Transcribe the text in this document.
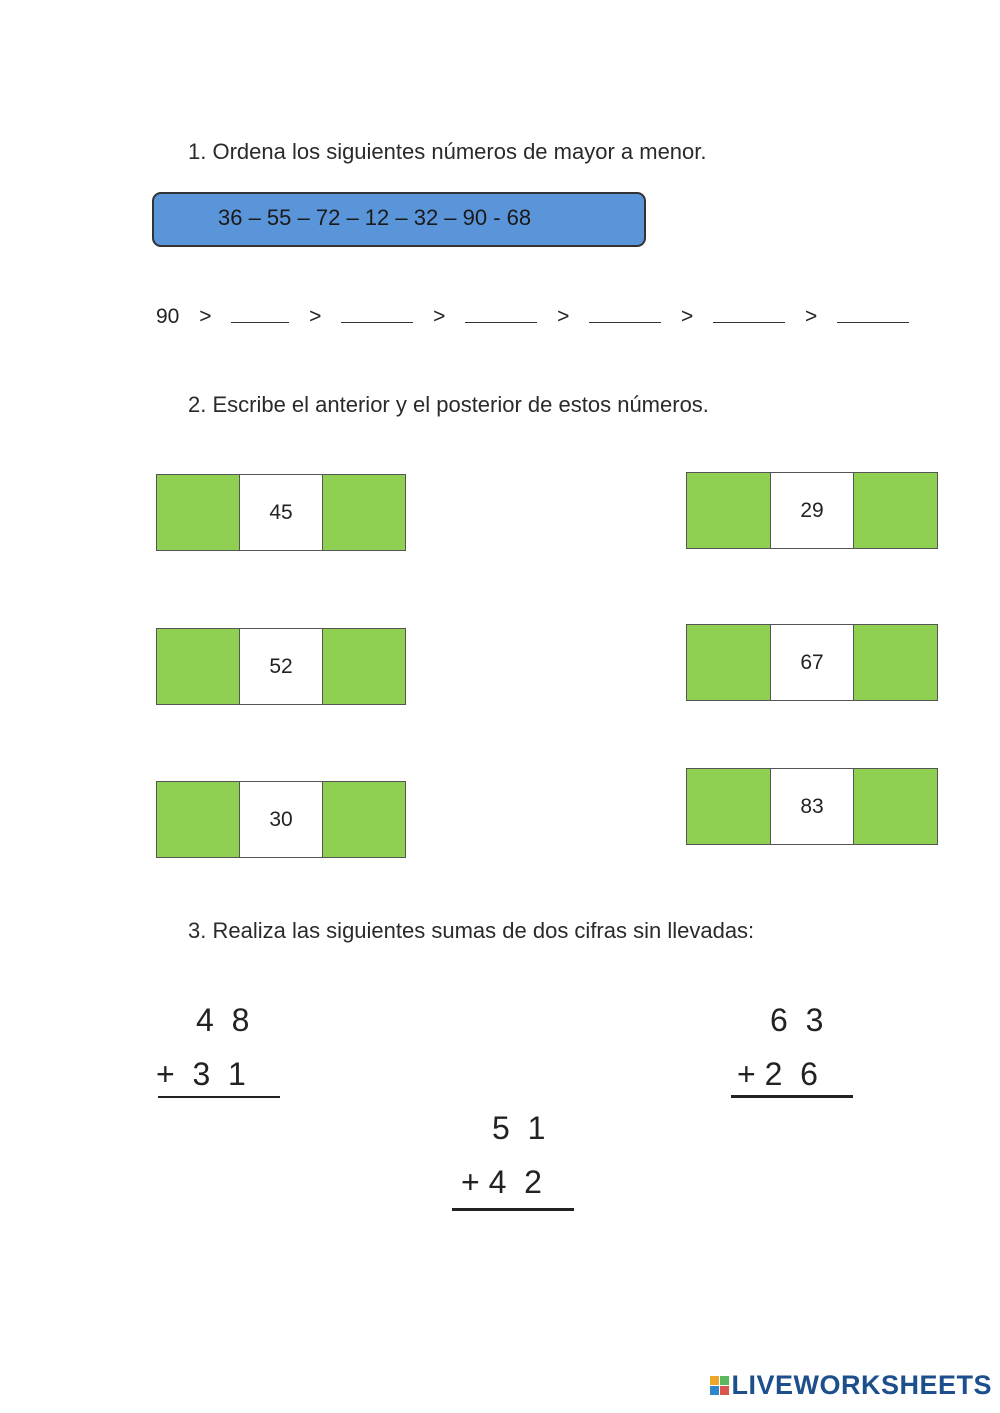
1. Ordena los siguientes números de mayor a menor.
36 – 55 – 72 – 12 – 32 – 90 - 68
90 >	>	>	>	>	>
2. Escribe el anterior y el posterior de estos números.
45
52
30
29
67
83
3. Realiza las siguientes sumas de dos cifras sin llevadas:
4  8
+  3  1
6  3
+ 2  6
5  1
+ 4  2
LIVEWORKSHEETS
